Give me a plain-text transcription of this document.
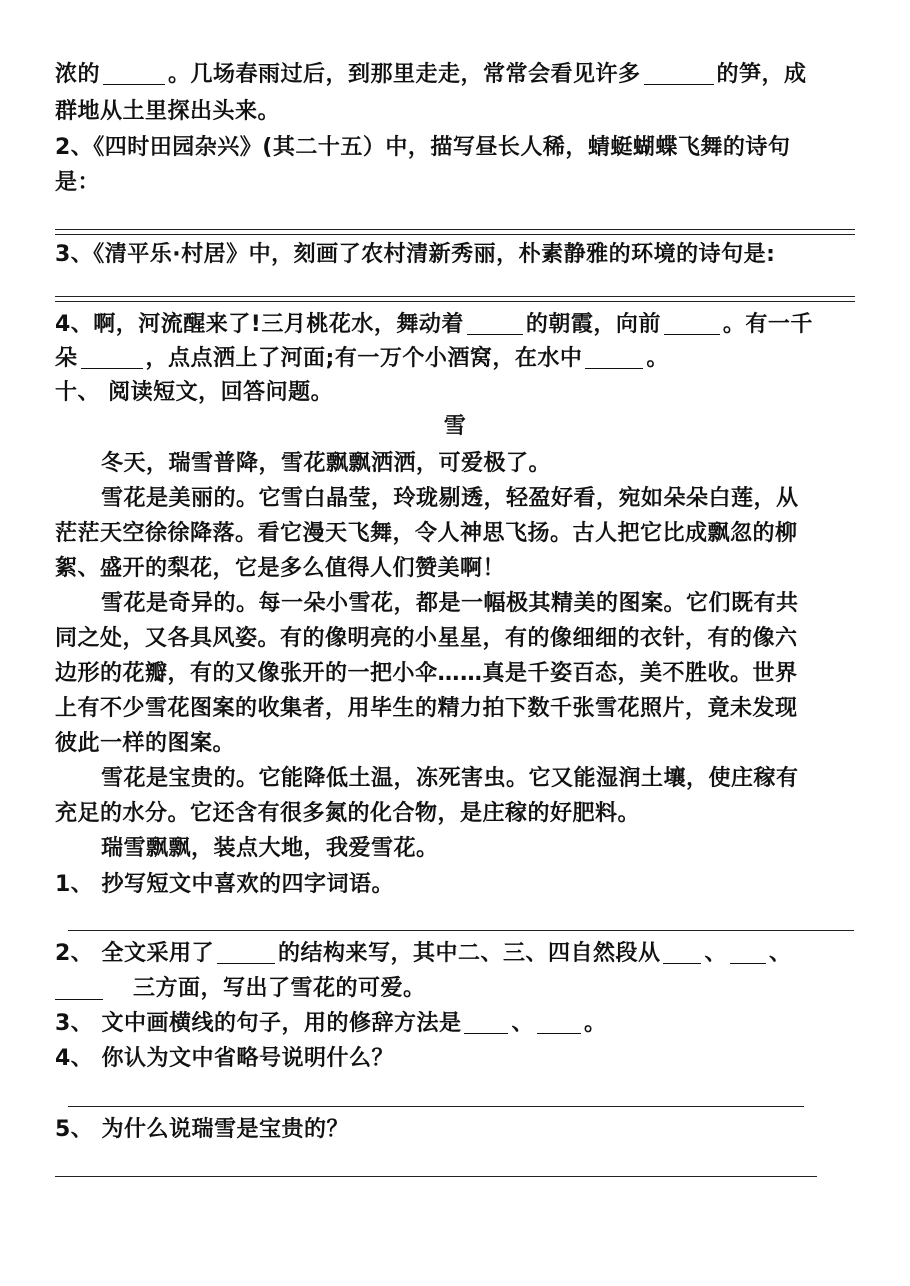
浓的	。几场春雨过后，到那里走走，常常会看见许多	的笋，成
群地从土里探出头来。
2、《四时田园杂兴》(其二十五）中，描写昼长人稀，蜻蜓蝴蝶飞舞的诗句
是：
3、《清平乐·村居》中，刻画了农村清新秀丽，朴素静雅的环境的诗句是:
4、啊，河流醒来了!三月桃花水，舞动着	的朝霞，向前	。有一千
朵	，点点洒上了河面;有一万个小酒窝，在水中	。
十、 阅读短文，回答问题。
雪
冬天，瑞雪普降，雪花飘飘洒洒，可爱极了。
雪花是美丽的。它雪白晶莹，玲珑剔透，轻盈好看，宛如朵朵白莲，从
茫茫天空徐徐降落。看它漫天飞舞，令人神思飞扬。古人把它比成飘忽的柳
絮、盛开的梨花，它是多么值得人们赞美啊！
雪花是奇异的。每一朵小雪花，都是一幅极其精美的图案。它们既有共
同之处，又各具风姿。有的像明亮的小星星，有的像细细的衣针，有的像六
边形的花瓣，有的又像张开的一把小伞……真是千姿百态，美不胜收。世界
上有不少雪花图案的收集者，用毕生的精力拍下数千张雪花照片，竟未发现
彼此一样的图案。
雪花是宝贵的。它能降低土温，冻死害虫。它又能湿润土壤，使庄稼有
充足的水分。它还含有很多氮的化合物，是庄稼的好肥料。
瑞雪飘飘，装点大地，我爱雪花。
1、 抄写短文中喜欢的四字词语。
2、 全文采用了	的结构来写，其中二、三、四自然段从 、 、
三方面，写出了雪花的可爱。
3、 文中画横线的句子，用的修辞方法是 、 。
4、 你认为文中省略号说明什么？
5、 为什么说瑞雪是宝贵的？
